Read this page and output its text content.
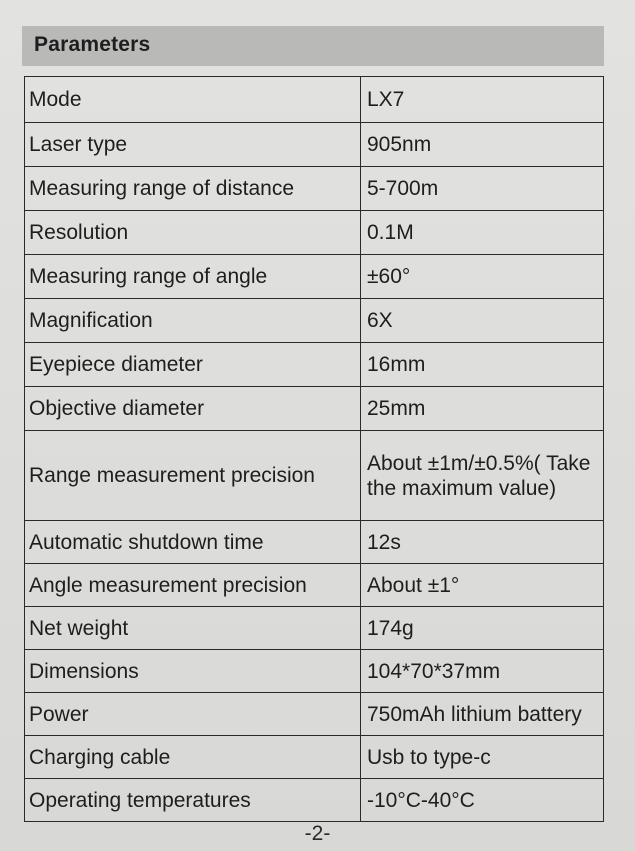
Parameters
Mode	LX7
Laser type	905nm
Measuring range of distance	5-700m
Resolution	0.1M
Measuring range of angle	±60°
Magnification	6X
Eyepiece diameter	16mm
Objective diameter	25mm
Range measurement precision	About ±1m/±0.5%( Take the maximum value)
Automatic shutdown time	12s
Angle measurement precision	About ±1°
Net weight	174g
Dimensions	104*70*37mm
Power	750mAh lithium battery
Charging cable	Usb to type-c
Operating temperatures	-10°C-40°C
-2-
